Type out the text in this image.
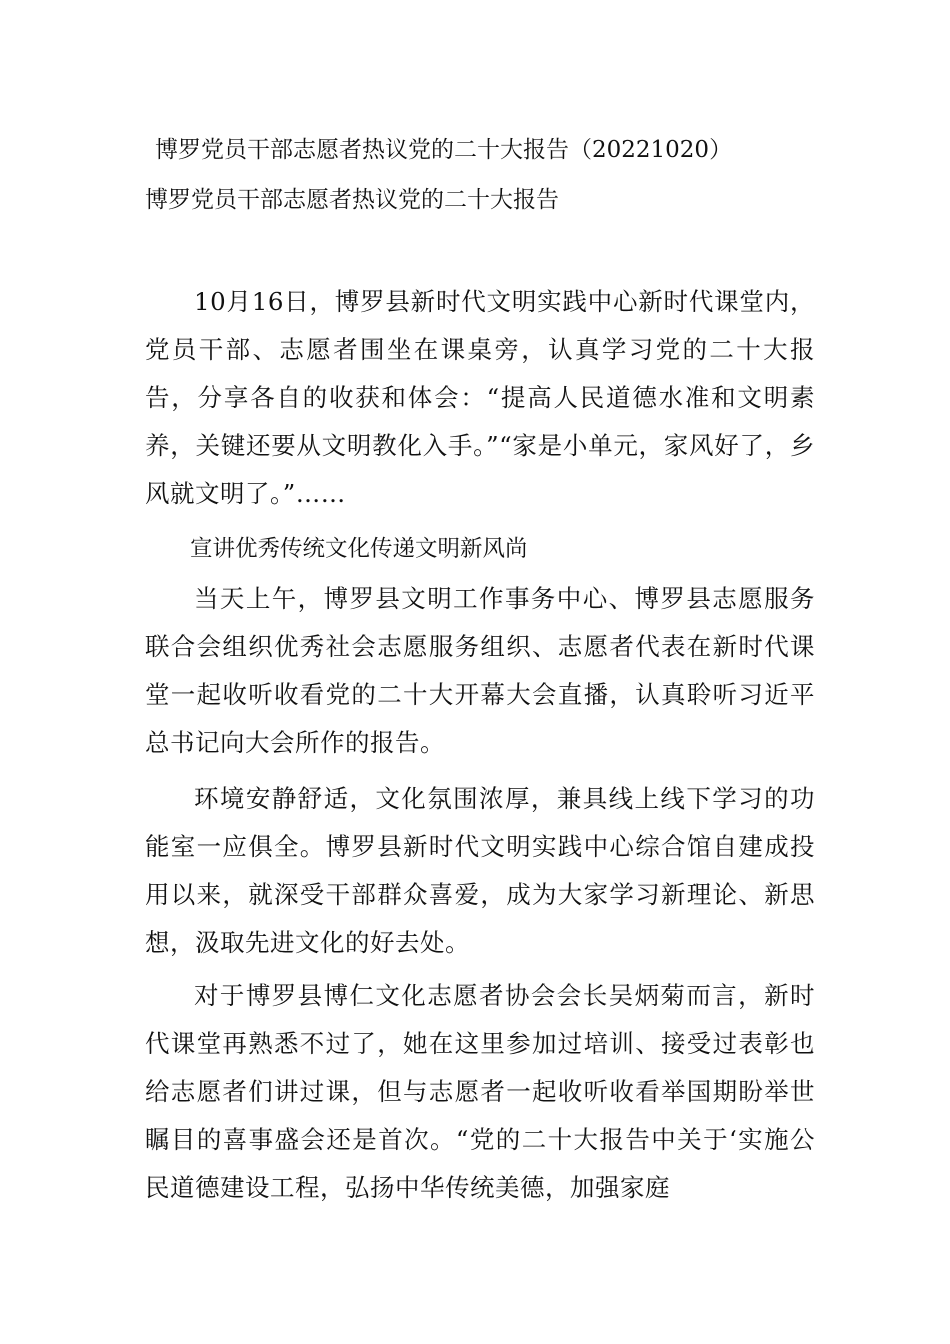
博罗党员干部志愿者热议党的二十大报告（20221020）
博罗党员干部志愿者热议党的二十大报告

10月16日，博罗县新时代文明实践中心新时代课堂内，党员干部、志愿者围坐在课桌旁，认真学习党的二十大报告，分享各自的收获和体会：“提高人民道德水准和文明素养，关键还要从文明教化入手。”“家是小单元，家风好了，乡风就文明了。”……

宣讲优秀传统文化传递文明新风尚

当天上午，博罗县文明工作事务中心、博罗县志愿服务联合会组织优秀社会志愿服务组织、志愿者代表在新时代课堂一起收听收看党的二十大开幕大会直播，认真聆听习近平总书记向大会所作的报告。

环境安静舒适，文化氛围浓厚，兼具线上线下学习的功能室一应俱全。博罗县新时代文明实践中心综合馆自建成投用以来，就深受干部群众喜爱，成为大家学习新理论、新思想，汲取先进文化的好去处。

对于博罗县博仁文化志愿者协会会长吴炳菊而言，新时代课堂再熟悉不过了，她在这里参加过培训、接受过表彰也给志愿者们讲过课，但与志愿者一起收听收看举国期盼举世瞩目的喜事盛会还是首次。“党的二十大报告中关于‘实施公民道德建设工程，弘扬中华传统美德，加强家庭
